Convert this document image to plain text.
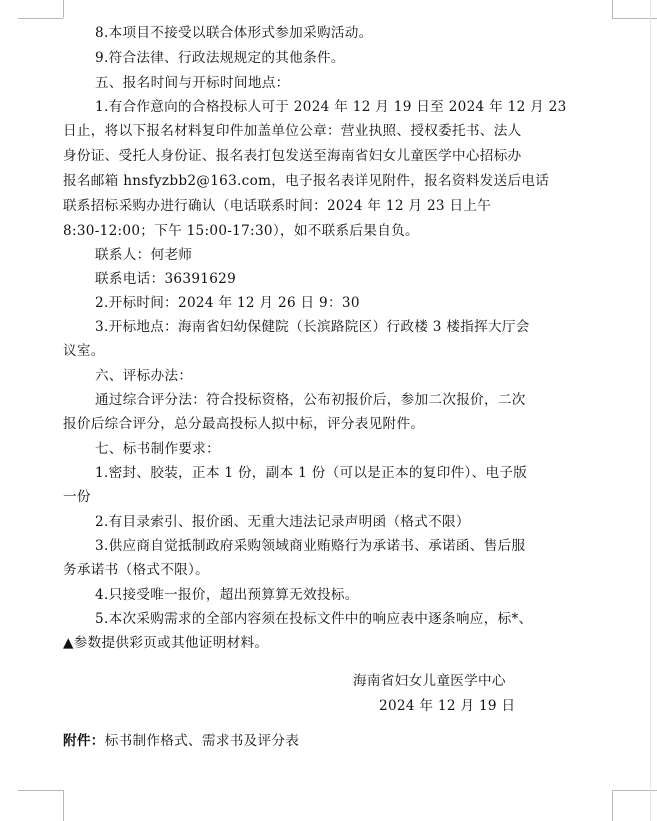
8.本项目不接受以联合体形式参加采购活动。
9.符合法律、行政法规规定的其他条件。
五、报名时间与开标时间地点：
1.有合作意向的合格投标人可于 2024 年 12 月 19 日至 2024 年 12 月 23
日止，将以下报名材料复印件加盖单位公章：营业执照、授权委托书、法人
身份证、受托人身份证、报名表打包发送至海南省妇女儿童医学中心招标办
报名邮箱 hnsfyzbb2@163.com，电子报名表详见附件，报名资料发送后电话
联系招标采购办进行确认（电话联系时间：2024 年 12 月 23 日上午
8:30-12:00；下午 15:00-17:30），如不联系后果自负。
联系人：何老师
联系电话：36391629
2.开标时间：2024 年 12 月 26 日 9：30
3.开标地点：海南省妇幼保健院（长滨路院区）行政楼 3 楼指挥大厅会
议室。
六、评标办法：
通过综合评分法：符合投标资格，公布初报价后，参加二次报价，二次
报价后综合评分，总分最高投标人拟中标，评分表见附件。
七、标书制作要求：
1.密封、胶装，正本 1 份，副本 1 份（可以是正本的复印件）、电子版
一份
2.有目录索引、报价函、无重大违法记录声明函（格式不限）
3.供应商自觉抵制政府采购领域商业贿赂行为承诺书、承诺函、售后服
务承诺书（格式不限）。
4.只接受唯一报价，超出预算算无效投标。
5.本次采购需求的全部内容须在投标文件中的响应表中逐条响应，标*、
▲参数提供彩页或其他证明材料。
海南省妇女儿童医学中心
2024 年 12 月 19 日
附件：标书制作格式、需求书及评分表
